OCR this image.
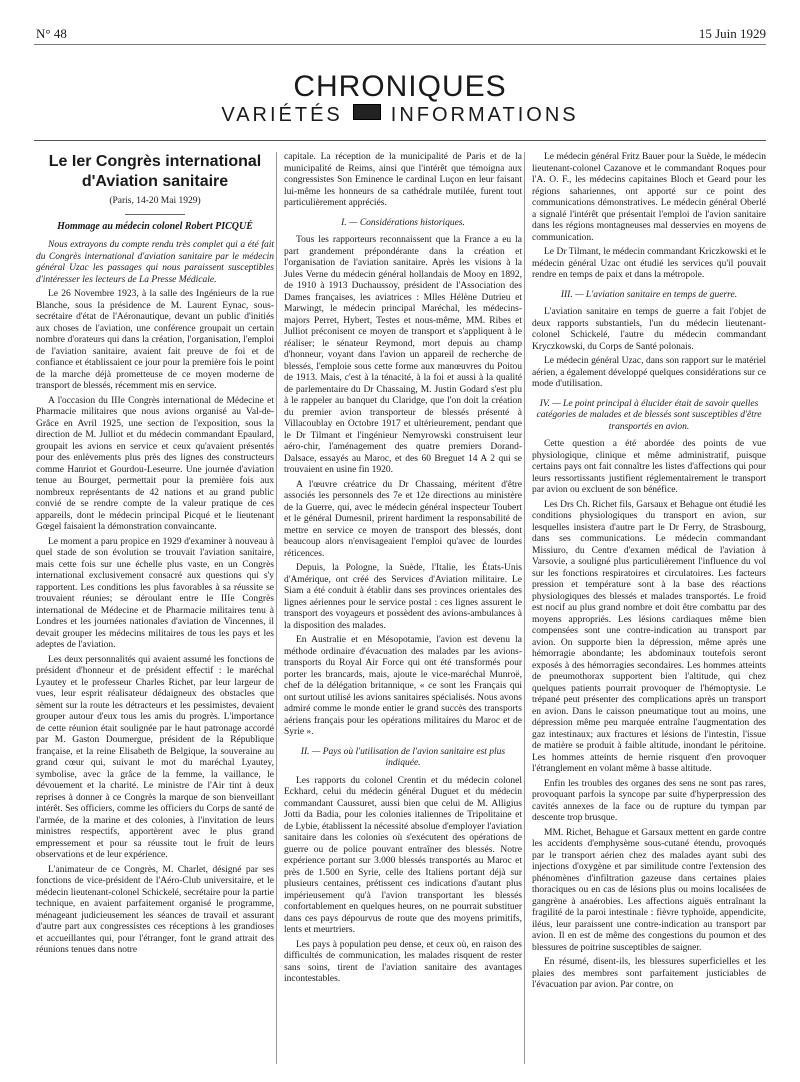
N° 48	15 Juin 1929
CHRONIQUES
VARIÉTÉS INFORMATIONS
Le Ier Congrès international d'Aviation sanitaire
(Paris, 14-20 Mai 1929)
Hommage au médecin colonel Robert PICQUÉ

Nous extrayons du compte rendu très complet qui a été fait du Congrès international d'aviation sanitaire par le médecin général Uzac les passages qui nous paraissent susceptibles d'intéresser les lecteurs de La Presse Médicale.

Le 26 Novembre 1923, à la salle des Ingénieurs de la rue Blanche, sous la présidence de M. Laurent Eynac, sous-secrétaire d'état de l'Aéronautique, devant un public d'initiés aux choses de l'aviation, une conférence groupait un certain nombre d'orateurs qui dans la création, l'organisation, l'emploi de l'aviation sanitaire, avaient fait preuve de foi et de confiance et établissaient ce jour pour la première fois le point de la marche déjà prometteuse de ce moyen moderne de transport de blessés, récemment mis en service.

A l'occasion du IIIe Congrès international de Médecine et Pharmacie militaires que nous avions organisé au Val-de-Grâce en Avril 1925, une section de l'exposition, sous la direction de M. Julliot et du médecin commandant Epaulard, groupait les avions en service et ceux qu'avaient présentés pour des enlèvements plus près des lignes des constructeurs comme Hanriot et Gourdou-Leseurre. Une journée d'aviation tenue au Bourget, permettait pour la première fois aux nombreux représentants de 42 nations et au grand public convié de se rendre compte de la valeur pratique de ces appareils, dont le médecin principal Picqué et le lieutenant Gœgel faisaient la démonstration convaincante.

Le moment a paru propice en 1929 d'examiner à nouveau à quel stade de son évolution se trouvait l'aviation sanitaire, mais cette fois sur une échelle plus vaste, en un Congrès international exclusivement consacré aux questions qui s'y rapportent. Les conditions les plus favorables à sa réussite se trouvaient réunies; se déroulant entre le IIIe Congrès international de Médecine et de Pharmacie militaires tenu à Londres et les journées nationales d'aviation de Vincennes, il devait grouper les médecins militaires de tous les pays et les adeptes de l'aviation.

Les deux personnalités qui avaient assumé les fonctions de président d'honneur et de président effectif : le maréchal Lyautey et le professeur Charles Richet, par leur largeur de vues, leur esprit réalisateur dédaigneux des obstacles que sèment sur la route les détracteurs et les pessimistes, devaient grouper autour d'eux tous les amis du progrès. L'importance de cette réunion était soulignée par le haut patronage accordé par M. Gaston Doumergue, président de la République française, et la reine Elisabeth de Belgique, la souveraine au grand cœur qui, suivant le mot du maréchal Lyautey, symbolise, avec la grâce de la femme, la vaillance, le dévouement et la charité. Le ministre de l'Air tint à deux reprises à donner à ce Congrès la marque de son bienveillant intérêt. Ses officiers, comme les officiers du Corps de santé de l'armée, de la marine et des colonies, à l'invitation de leurs ministres respectifs, apportèrent avec le plus grand empressement et pour sa réussite tout le fruit de leurs observations et de leur expérience.

L'animateur de ce Congrès, M. Charlet, désigné par ses fonctions de vice-président de l'Aéro-Club universitaire, et le médecin lieutenant-colonel Schickelé, secrétaire pour la partie technique, en avaient parfaitement organisé le programme, ménageant judicieusement les séances de travail et assurant d'autre part aux congressistes ces réceptions à les grandioses et accueillantes qui, pour l'étranger, font le grand attrait des réunions tenues dans notre

capitale. La réception de la municipalité de Paris et de la municipalité de Reims, ainsi que l'intérêt que témoigna aux congressistes Son Eminence le cardinal Luçon en leur faisant lui-même les honneurs de sa cathédrale mutilée, furent tout particulièrement appréciés.

I. — Considérations historiques.

Tous les rapporteurs reconnaissent que la France a eu la part grandement prépondérante dans la création et l'organisation de l'aviation sanitaire. Après les visions à la Jules Verne du médecin général hollandais de Mooy en 1892, de 1910 à 1913 Duchaussoy, président de l'Association des Dames françaises, les aviatrices : Mlles Hélène Dutrieu et Marwingt, le médecin principal Maréchal, les médecins-majors Perret, Hybert, Testes et nous-même, MM. Ribes et Julliot préconisent ce moyen de transport et s'appliquent à le réaliser; le sénateur Reymond, mort depuis au champ d'honneur, voyant dans l'avion un appareil de recherche de blessés, l'emploie sous cette forme aux manœuvres du Poitou de 1913. Mais, c'est à la ténacité, à la foi et aussi à la qualité de parlementaire du Dr Chassaing, M. Justin Godard s'est plu à le rappeler au banquet du Claridge, que l'on doit la création du premier avion transporteur de blessés présenté à Villacoublay en Octobre 1917 et ultérieurement, pendant que le Dr Tilmant et l'ingénieur Nemyrowski construisent leur aéro-chir, l'aménagement des quatre premiers Dorand-Dalsace, essayés au Maroc, et des 60 Breguet 14 A 2 qui se trouvaient en usine fin 1920.

A l'œuvre créatrice du Dr Chassaing, méritent d'être associés les personnels des 7e et 12e directions au ministère de la Guerre, qui, avec le médecin général inspecteur Toubert et le général Dumesnil, prirent hardiment la responsabilité de mettre en service ce moyen de transport des blessés, dont beaucoup alors n'envisageaient l'emploi qu'avec de lourdes réticences.

Depuis, la Pologne, la Suède, l'Italie, les États-Unis d'Amérique, ont créé des Services d'Aviation militaire. Le Siam a été conduit à établir dans ses provinces orientales des lignes aériennes pour le service postal : ces lignes assurent le transport des voyageurs et possèdent des avions-ambulances à la disposition des malades.

En Australie et en Mésopotamie, l'avion est devenu la méthode ordinaire d'évacuation des malades par les avions-transports du Royal Air Force qui ont été transformés pour porter les brancards, mais, ajoute le vice-maréchal Munroë, chef de la délégation britannique, « ce sont les Français qui ont surtout utilisé les avions sanitaires spécialisés. Nous avons admiré comme le monde entier le grand succès des transports aériens français pour les opérations militaires du Maroc et de Syrie ».

II. — Pays où l'utilisation de l'avion sanitaire est plus indiquée.

Les rapports du colonel Crentin et du médecin colonel Eckhard, celui du médecin général Duguet et du médecin commandant Caussuret, aussi bien que celui de M. Alligius Jotti da Badia, pour les colonies italiennes de Tripolitaine et de Lybie, établissent la nécessité absolue d'employer l'aviation sanitaire dans les colonies où s'exécutent des opérations de guerre ou de police pouvant entraîner des blessés. Notre expérience portant sur 3.000 blessés transportés au Maroc et près de 1.500 en Syrie, celle des Italiens portant déjà sur plusieurs centaines, prétissent ces indications d'autant plus impérieusement qu'à l'avion transportant les blessés confortablement en quelques heures, on ne pourrait substituer dans ces pays dépourvus de route que des moyens primitifs, lents et meurtriers.

Les pays à population peu dense, et ceux où, en raison des difficultés de communication, les malades risquent de rester sans soins, tirent de l'aviation sanitaire des avantages incontestables.

Le médecin général Fritz Bauer pour la Suède, le médecin lieutenant-colonel Cazanove et le commandant Roques pour l'A. O. F., les médecins capitaines Bloch et Geard pour les régions sahariennes, ont apporté sur ce point des communications démonstratives. Le médecin général Oberlé a signalé l'intérêt que présentait l'emploi de l'avion sanitaire dans les régions montagneuses mal desservies en moyens de communication.

Le Dr Tilmant, le médecin commandant Kriczkowski et le médecin général Uzac ont étudié les services qu'il pouvait rendre en temps de paix et dans la métropole.

III. — L'aviation sanitaire en temps de guerre.

L'aviation sanitaire en temps de guerre a fait l'objet de deux rapports substantiels, l'un du médecin lieutenant-colonel Schickelé, l'autre du médecin commandant Kryczkowski, du Corps de Santé polonais.

Le médecin général Uzac, dans son rapport sur le matériel aérien, a également développé quelques considérations sur ce mode d'utilisation.

IV. — Le point principal à élucider était de savoir quelles catégories de malades et de blessés sont susceptibles d'être transportés en avion.

Cette question a été abordée des points de vue physiologique, clinique et même administratif, puisque certains pays ont fait connaître les listes d'affections qui pour leurs ressortissants justifient réglementairement le transport par avion ou excluent de son bénéfice.

Les Drs Ch. Richet fils, Garsaux et Behague ont étudié les conditions physiologiques du transport en avion, sur lesquelles insistera d'autre part le Dr Ferry, de Strasbourg, dans ses communications. Le médecin commandant Missiuro, du Centre d'examen médical de l'aviation à Varsovie, a souligné plus particulièrement l'influence du vol sur les fonctions respiratoires et circulatoires. Les facteurs pression et température sont à la base des réactions physiologiques des blessés et malades transportés. Le froid est nocif au plus grand nombre et doit être combattu par des moyens appropriés. Les lésions cardiaques même bien compensées sont une contre-indication au transport par avion. On supporte bien la dépression, même après une hémorragie abondante; les abdominaux toutefois seront exposés à des hémorragies secondaires. Les hommes atteints de pneumothorax supportent bien l'altitude, qui chez quelques patients pourrait provoquer de l'hémoptysie. Le trépané peut présenter des complications après un transport en avion. Dans le caisson pneumatique tout au moins, une dépression même peu marquée entraîne l'augmentation des gaz intestinaux; aux fractures et lésions de l'intestin, l'issue de matière se produit à faible altitude, inondant le péritoine. Les hommes atteints de hernie risquent d'en provoquer l'étranglement en volant même à basse altitude.

Enfin les troubles des organes des sens ne sont pas rares, provoquant parfois la syncope par suite d'hyperpression des cavités annexes de la face ou de rupture du tympan par descente trop brusque.

MM. Richet, Behague et Garsaux mettent en garde contre les accidents d'emphysème sous-cutané étendu, provoqués par le transport aérien chez des malades ayant subi des injections d'oxygène et par similitude contre l'extension des phénomènes d'infiltration gazeuse dans certaines plaies thoraciques ou en cas de lésions plus ou moins localisées de gangrène à anaérobies. Les affections aiguës entraînant la fragilité de la paroi intestinale : fièvre typhoïde, appendicite, iléus, leur paraissent une contre-indication au transport par avion. Il en est de même des congestions du poumon et des blessures de poitrine susceptibles de saigner.

En résumé, disent-ils, les blessures superficielles et les plaies des membres sont parfaitement justiciables de l'évacuation par avion. Par contre, on
